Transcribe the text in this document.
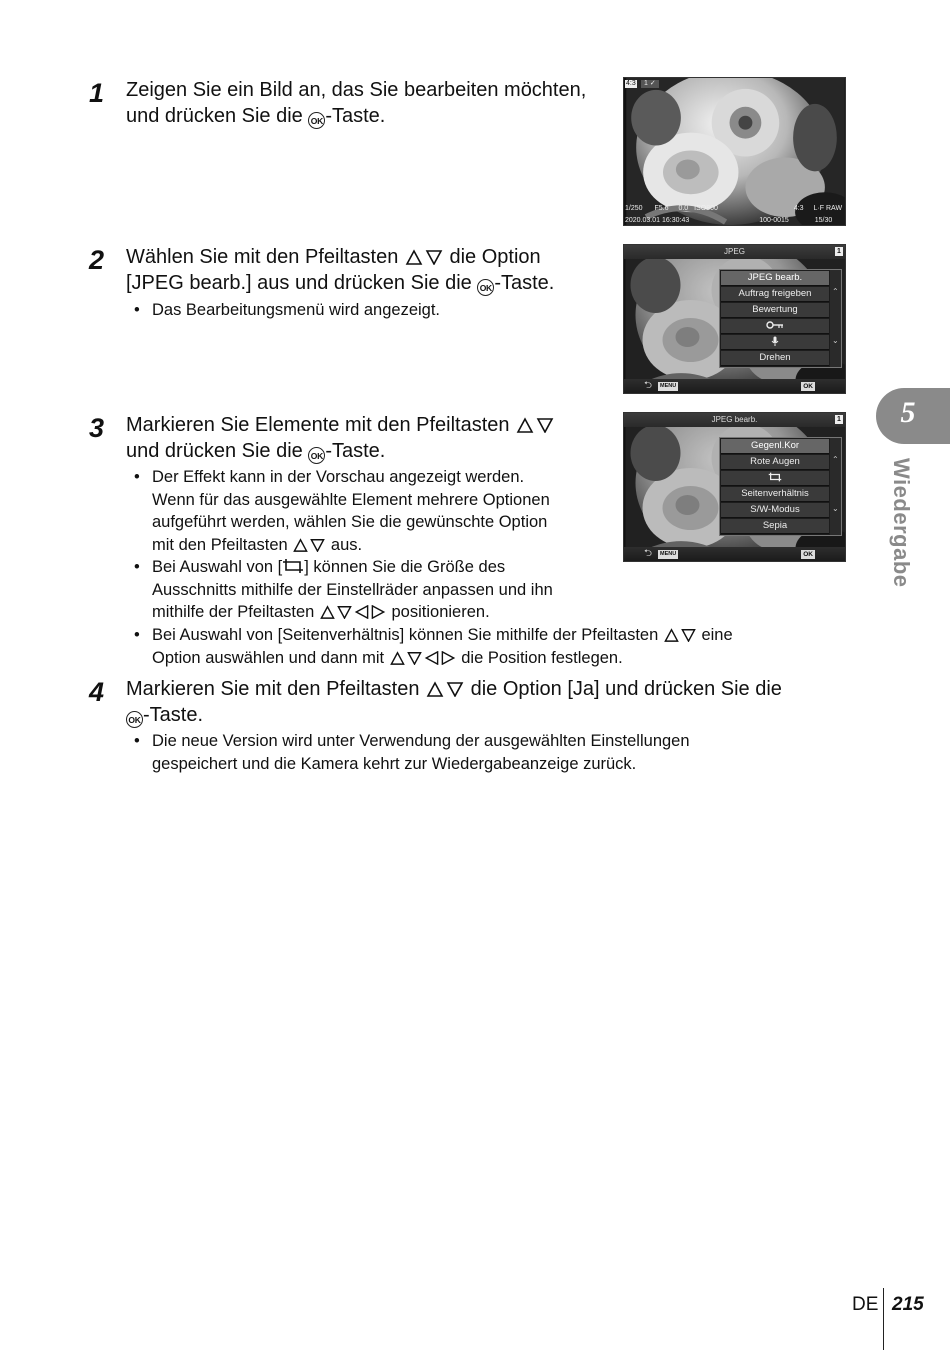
1 Zeigen Sie ein Bild an, das Sie bearbeiten möchten,
und drücken Sie die OK -Taste.
4:3	1 ✓
1/250 F5.6 0.0 ISO800	4:3 L·F RAW
2020.03.01 16:30:43	100-0015	15/30
2 Wählen Sie mit den Pfeiltasten  die Option
[JPEG bearb.] aus und drücken Sie die OK -Taste.
• Das Bearbeitungsmenü wird angezeigt.
JPEG	1
JPEG bearb.
Auftrag freigeben
Bewertung
Drehen
⌃
⌄
⮌	MENU	OK
3 Markieren Sie Elemente mit den Pfeiltasten
und drücken Sie die OK -Taste.
• Der Effekt kann in der Vorschau angezeigt werden.
Wenn für das ausgewählte Element mehrere Optionen
aufgeführt werden, wählen Sie die gewünschte Option
mit den Pfeiltasten  aus.
• Bei Auswahl von [ ] können Sie die Größe des
Ausschnitts mithilfe der Einstellräder anpassen und ihn
mithilfe der Pfeiltasten	positionieren.
• Bei Auswahl von [Seitenverhältnis] können Sie mithilfe der Pfeiltasten  eine
Option auswählen und dann mit	die Position festlegen.
JPEG bearb.	1
Gegenl.Kor
Rote Augen
Seitenverhältnis
S/W-Modus
Sepia
⌃
⌄
⮌	MENU	OK
4 Markieren Sie mit den Pfeiltasten  die Option [Ja] und drücken Sie die
OK -Taste.
• Die neue Version wird unter Verwendung der ausgewählten Einstellungen
gespeichert und die Kamera kehrt zur Wiedergabeanzeige zurück.
5
Wiedergabe
DE 215
